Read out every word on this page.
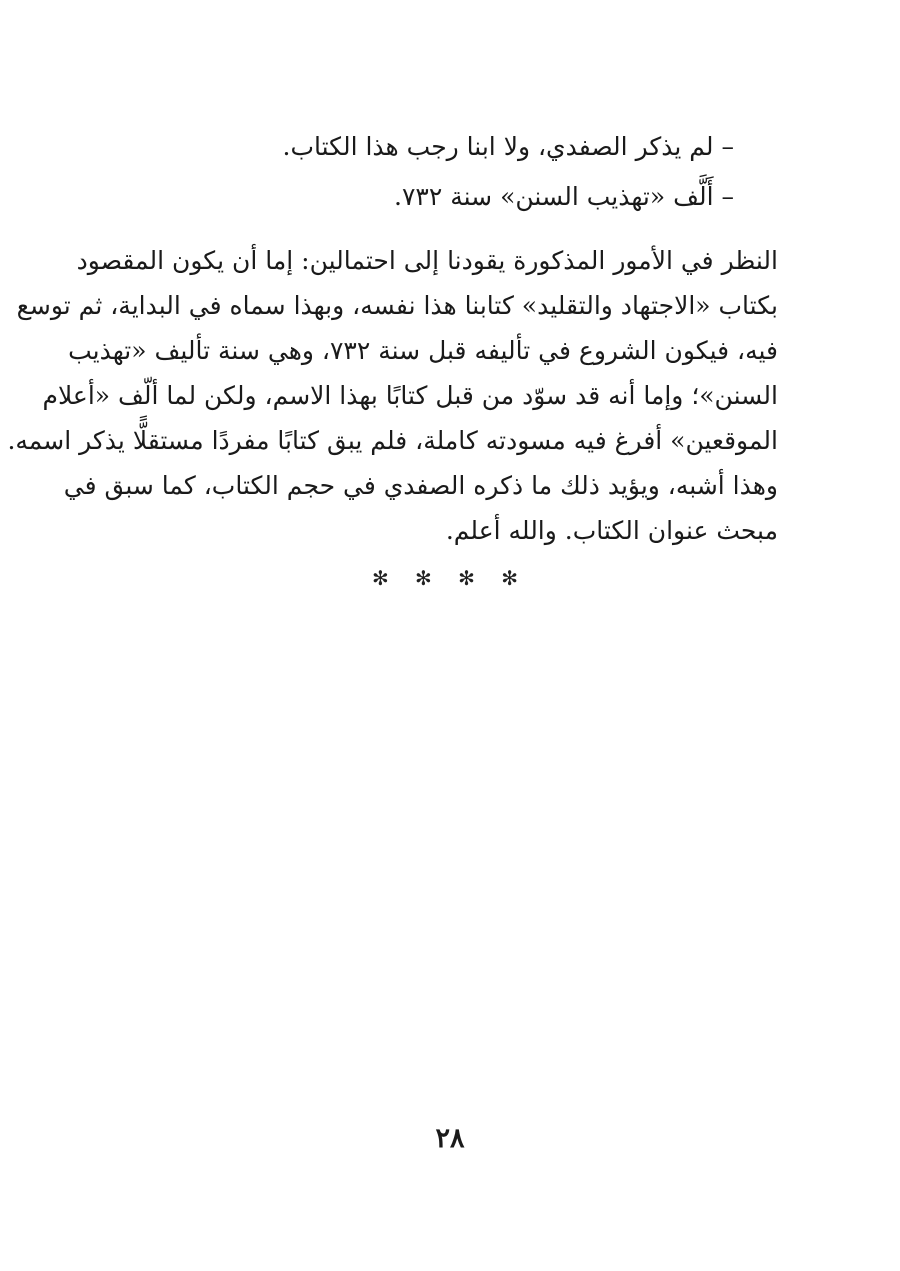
– لم يذكر الصفدي، ولا ابنا رجب هذا الكتاب.
– أَلَّف «تهذيب السنن» سنة ٧٣٢.
النظر في الأمور المذكورة يقودنا إلى احتمالين: إما أن يكون المقصود
بكتاب «الاجتهاد والتقليد» كتابنا هذا نفسه، وبهذا سماه في البداية، ثم توسع
فيه، فيكون الشروع في تأليفه قبل سنة ٧٣٢، وهي سنة تأليف «تهذيب
السنن»؛ وإما أنه قد سوّد من قبل كتابًا بهذا الاسم، ولكن لما ألّف «أعلام
الموقعين» أفرغ فيه مسودته كاملة، فلم يبق كتابًا مفردًا مستقلًّا يذكر اسمه.
وهذا أشبه، ويؤيد ذلك ما ذكره الصفدي في حجم الكتاب، كما سبق في
مبحث عنوان الكتاب. والله أعلم.
✻ ✻ ✻ ✻
٢٨
